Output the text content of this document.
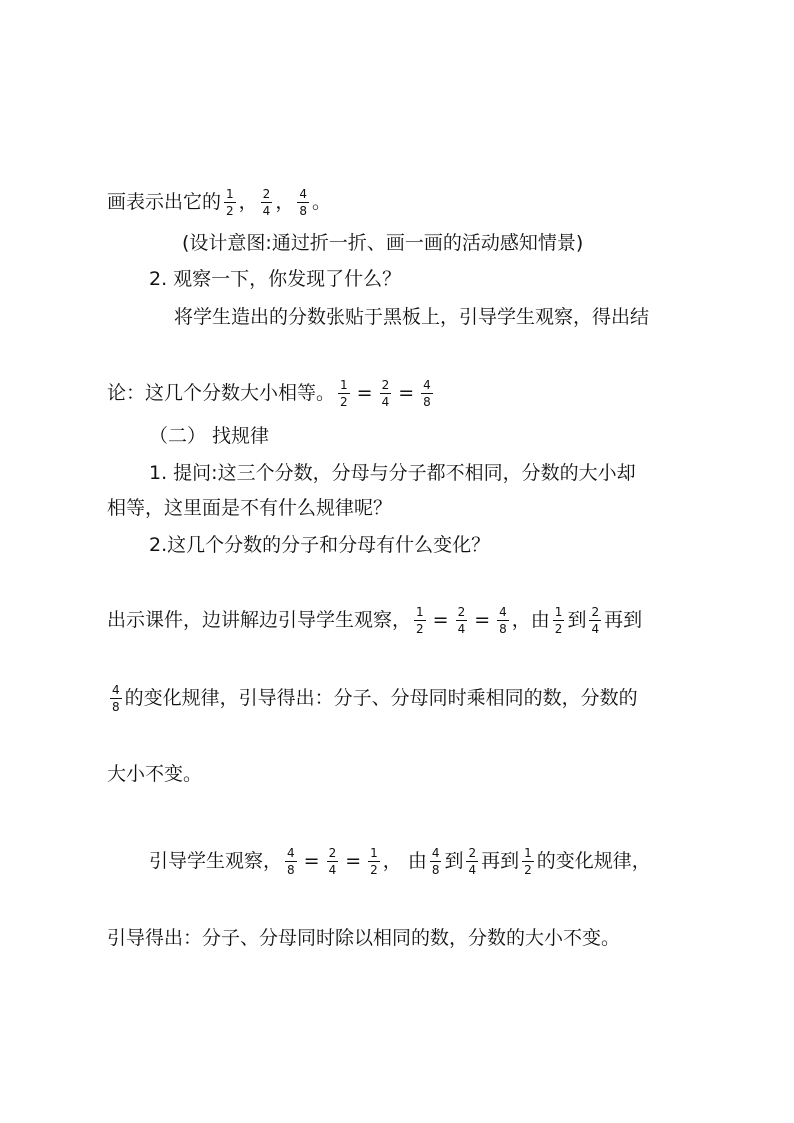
画表示出它的 $\frac{1}{2}$ ， $\frac{2}{4}$ ， $\frac{4}{8}$ 。
(设计意图:通过折一折、画一画的活动感知情景)
2. 观察一下，你发现了什么？
将学生造出的分数张贴于黑板上，引导学生观察，得出结
论：这几个分数大小相等。 $\frac{1}{2} = \frac{2}{4} = \frac{4}{8}$
（二） 找规律
1. 提问:这三个分数，分母与分子都不相同，分数的大小却
相等，这里面是不有什么规律呢？
2.这几个分数的分子和分母有什么变化？
出示课件，边讲解边引导学生观察， $\frac{1}{2} = \frac{2}{4} = \frac{4}{8}$ ，由 $\frac{1}{2}$ 到 $\frac{2}{4}$ 再到
$\frac{4}{8}$ 的变化规律，引导得出：分子、分母同时乘相同的数，分数的
大小不变。
引导学生观察， $\frac{4}{8} = \frac{2}{4} = \frac{1}{2}$ ， 由 $\frac{4}{8}$ 到 $\frac{2}{4}$ 再到 $\frac{1}{2}$ 的变化规律，
引导得出：分子、分母同时除以相同的数，分数的大小不变。
